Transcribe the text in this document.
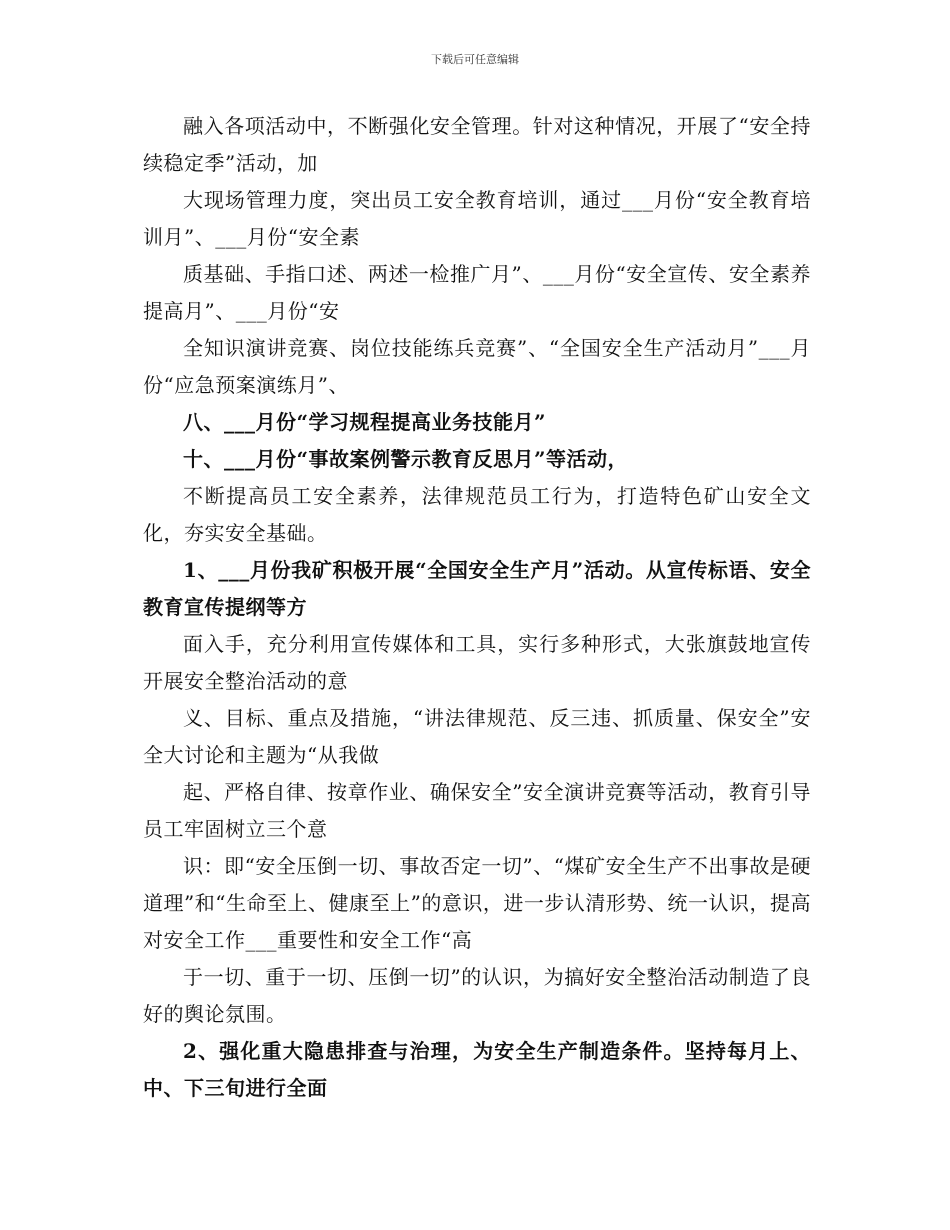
下载后可任意编辑

融入各项活动中，不断强化安全管理。针对这种情况，开展了“安全持续稳定季”活动，加

大现场管理力度，突出员工安全教育培训，通过___月份“安全教育培训月”、___月份“安全素

质基础、手指口述、两述一检推广月”、___月份“安全宣传、安全素养提高月”、___月份“安

全知识演讲竞赛、岗位技能练兵竞赛”、“全国安全生产活动月”___月份“应急预案演练月”、

八、___月份“学习规程提高业务技能月”

十、___月份“事故案例警示教育反思月”等活动，

不断提高员工安全素养，法律规范员工行为，打造特色矿山安全文化，夯实安全基础。

1、___月份我矿积极开展“全国安全生产月”活动。从宣传标语、安全教育宣传提纲等方

面入手，充分利用宣传媒体和工具，实行多种形式，大张旗鼓地宣传开展安全整治活动的意

义、目标、重点及措施，“讲法律规范、反三违、抓质量、保安全”安全大讨论和主题为“从我做

起、严格自律、按章作业、确保安全”安全演讲竞赛等活动，教育引导员工牢固树立三个意

识：即“安全压倒一切、事故否定一切”、“煤矿安全生产不出事故是硬道理”和“生命至上、健康至上”的意识，进一步认清形势、统一认识，提高对安全工作___重要性和安全工作“高

于一切、重于一切、压倒一切”的认识，为搞好安全整治活动制造了良好的舆论氛围。

2、强化重大隐患排查与治理，为安全生产制造条件。坚持每月上、中、下三旬进行全面
